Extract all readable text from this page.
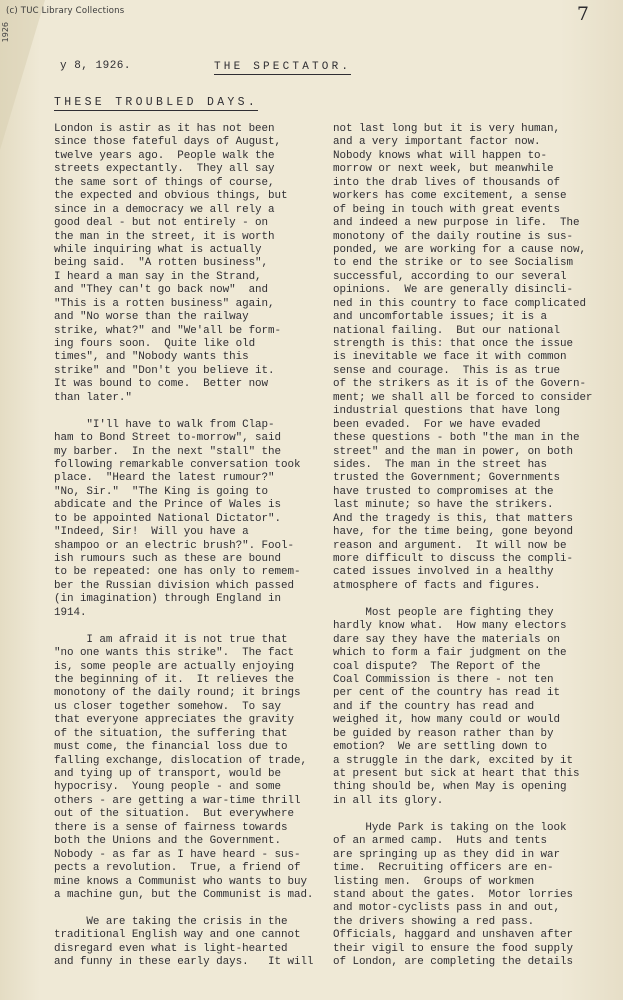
(c) TUC Library Collections
1926
7
y 8, 1926.	THE SPECTATOR.
THESE TROUBLED DAYS.
London is astir as it has not been
since those fateful days of August,
twelve years ago.  People walk the
streets expectantly.  They all say
the same sort of things of course,
the expected and obvious things, but
since in a democracy we all rely a
good deal - but not entirely - on
the man in the street, it is worth
while inquiring what is actually
being said.  "A rotten business",
I heard a man say in the Strand,
and "They can't go back now"  and
"This is a rotten business" again,
and "No worse than the railway
strike, what?" and "We'all be form-
ing fours soon.  Quite like old
times", and "Nobody wants this
strike" and "Don't you believe it.
It was bound to come.  Better now
than later."
"I'll have to walk from Clap-
ham to Bond Street to-morrow", said
my barber.  In the next "stall" the
following remarkable conversation took
place.  "Heard the latest rumour?"
"No, Sir."  "The King is going to
abdicate and the Prince of Wales is
to be appointed National Dictator".
"Indeed, Sir!  Will you have a
shampoo or an electric brush?". Fool-
ish rumours such as these are bound
to be repeated: one has only to remem-
ber the Russian division which passed
(in imagination) through England in
1914.
I am afraid it is not true that
"no one wants this strike".  The fact
is, some people are actually enjoying
the beginning of it.  It relieves the
monotony of the daily round; it brings
us closer together somehow.  To say
that everyone appreciates the gravity
of the situation, the suffering that
must come, the financial loss due to
falling exchange, dislocation of trade,
and tying up of transport, would be
hypocrisy.  Young people - and some
others - are getting a war-time thrill
out of the situation.  But everywhere
there is a sense of fairness towards
both the Unions and the Government.
Nobody - as far as I have heard - sus-
pects a revolution.  True, a friend of
mine knows a Communist who wants to buy
a machine gun, but the Communist is mad.
We are taking the crisis in the
traditional English way and one cannot
disregard even what is light-hearted
and funny in these early days.   It will
not last long but it is very human,
and a very important factor now.
Nobody knows what will happen to-
morrow or next week, but meanwhile
into the drab lives of thousands of
workers has come excitement, a sense
of being in touch with great events
and indeed a new purpose in life.  The
monotony of the daily routine is sus-
ponded, we are working for a cause now,
to end the strike or to see Socialism
successful, according to our several
opinions.  We are generally disincli-
ned in this country to face complicated
and uncomfortable issues; it is a
national failing.  But our national
strength is this: that once the issue
is inevitable we face it with common
sense and courage.  This is as true
of the strikers as it is of the Govern-
ment; we shall all be forced to consider
industrial questions that have long
been evaded.  For we have evaded
these questions - both "the man in the
street" and the man in power, on both
sides.  The man in the street has
trusted the Government; Governments
have trusted to compromises at the
last minute; so have the strikers.
And the tragedy is this, that matters
have, for the time being, gone beyond
reason and argument.  It will now be
more difficult to discuss the compli-
cated issues involved in a healthy
atmosphere of facts and figures.
Most people are fighting they
hardly know what.  How many electors
dare say they have the materials on
which to form a fair judgment on the
coal dispute?  The Report of the
Coal Commission is there - not ten
per cent of the country has read it
and if the country has read and
weighed it, how many could or would
be guided by reason rather than by
emotion?  We are settling down to
a struggle in the dark, excited by it
at present but sick at heart that this
thing should be, when May is opening
in all its glory.
Hyde Park is taking on the look
of an armed camp.  Huts and tents
are springing up as they did in war
time.  Recruiting officers are en-
listing men.  Groups of workmen
stand about the gates.  Motor lorries
and motor-cyclists pass in and out,
the drivers showing a red pass.
Officials, haggard and unshaven after
their vigil to ensure the food supply
of London, are completing the details
